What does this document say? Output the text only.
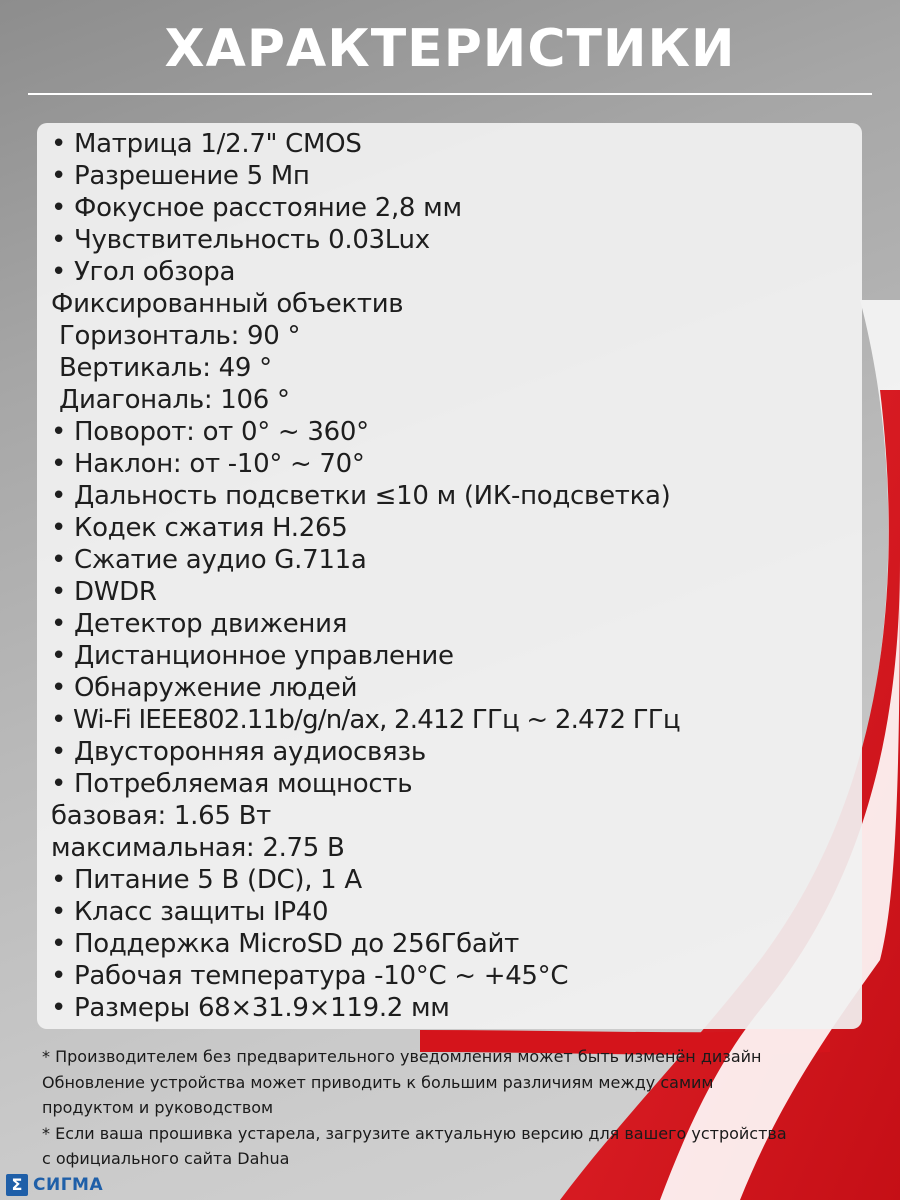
ХАРАКТЕРИСТИКИ
• Матрица 1/2.7" CMOS
• Разрешение 5 Мп
• Фокусное расстояние 2,8 мм
• Чувствительность 0.03Lux
• Угол обзора
Фиксированный объектив
Горизонталь: 90 °
Вертикаль: 49 °
Диагональ: 106 °
• Поворот: от 0° ~ 360°
• Наклон: от -10° ~ 70°
• Дальность подсветки ≤10 м (ИК-подсветка)
• Кодек сжатия H.265
• Сжатие аудио G.711a
• DWDR
• Детектор движения
• Дистанционное управление
• Обнаружение людей
• Wi-Fi IEEE802.11b/g/n/ax, 2.412 ГГц ~ 2.472 ГГц
• Двусторонняя аудиосвязь
• Потребляемая мощность
базовая: 1.65 Вт
максимальная: 2.75 В
• Питание 5 В (DC), 1 А
• Класс защиты IP40
• Поддержка MicroSD до 256Гбайт
• Рабочая температура -10°C ~ +45°C
• Размеры 68×31.9×119.2 мм

* Производителем без предварительного уведомления может быть изменён дизайн

Обновление устройства может приводить к большим различиям между самим

продуктом и руководством

* Если ваша прошивка устарела, загрузите актуальную версию для вашего устройства

с официального сайта Dahua

Σ СИГМА
